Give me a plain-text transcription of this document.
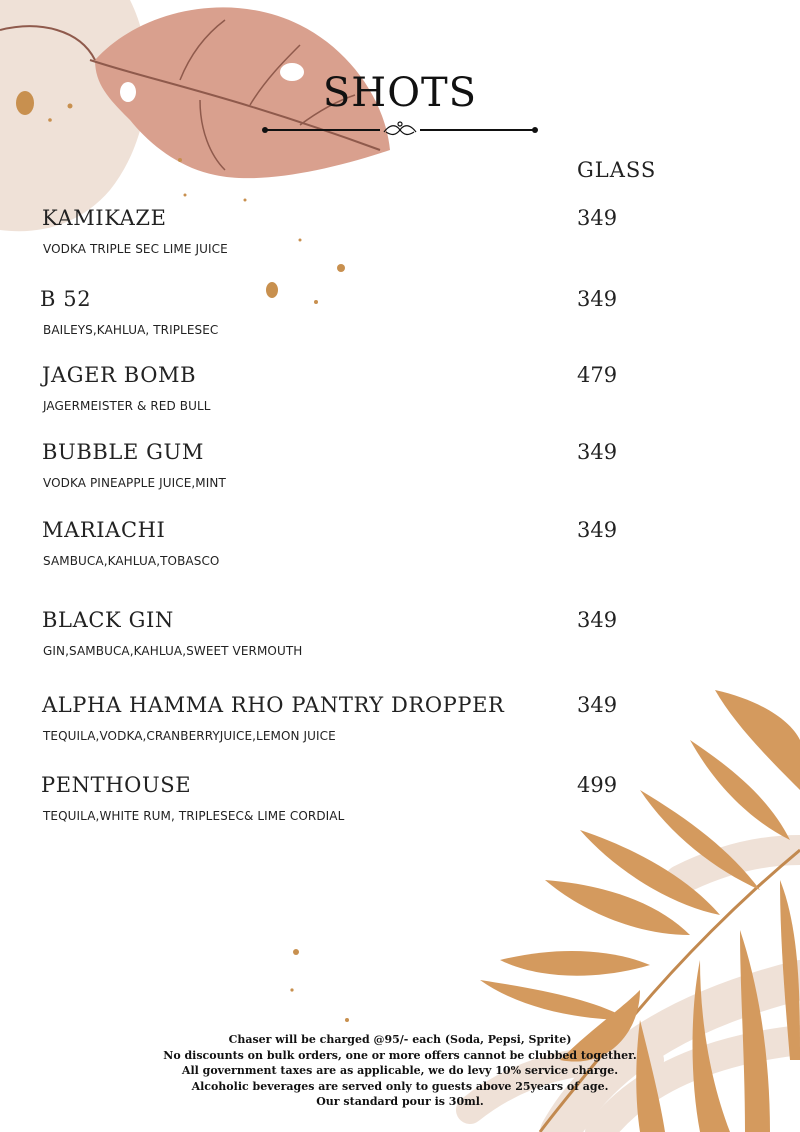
SHOTS
GLASS
KAMIKAZE	349
VODKA TRIPLE SEC LIME JUICE
B 52	349
BAILEYS,KAHLUA, TRIPLESEC
JAGER BOMB	479
JAGERMEISTER & RED BULL
BUBBLE GUM	349
VODKA PINEAPPLE JUICE,MINT
MARIACHI	349
SAMBUCA,KAHLUA,TOBASCO
BLACK GIN	349
GIN,SAMBUCA,KAHLUA,SWEET VERMOUTH
ALPHA HAMMA RHO PANTRY DROPPER	349
TEQUILA,VODKA,CRANBERRYJUICE,LEMON JUICE
PENTHOUSE	499
TEQUILA,WHITE RUM, TRIPLESEC& LIME CORDIAL
Chaser will be charged @95/- each (Soda, Pepsi, Sprite)
No discounts on bulk orders, one or more offers cannot be clubbed together.
All government taxes are as applicable, we do levy 10% service charge.
Alcoholic beverages are served only to guests above 25years of age.
Our standard pour is 30ml.
